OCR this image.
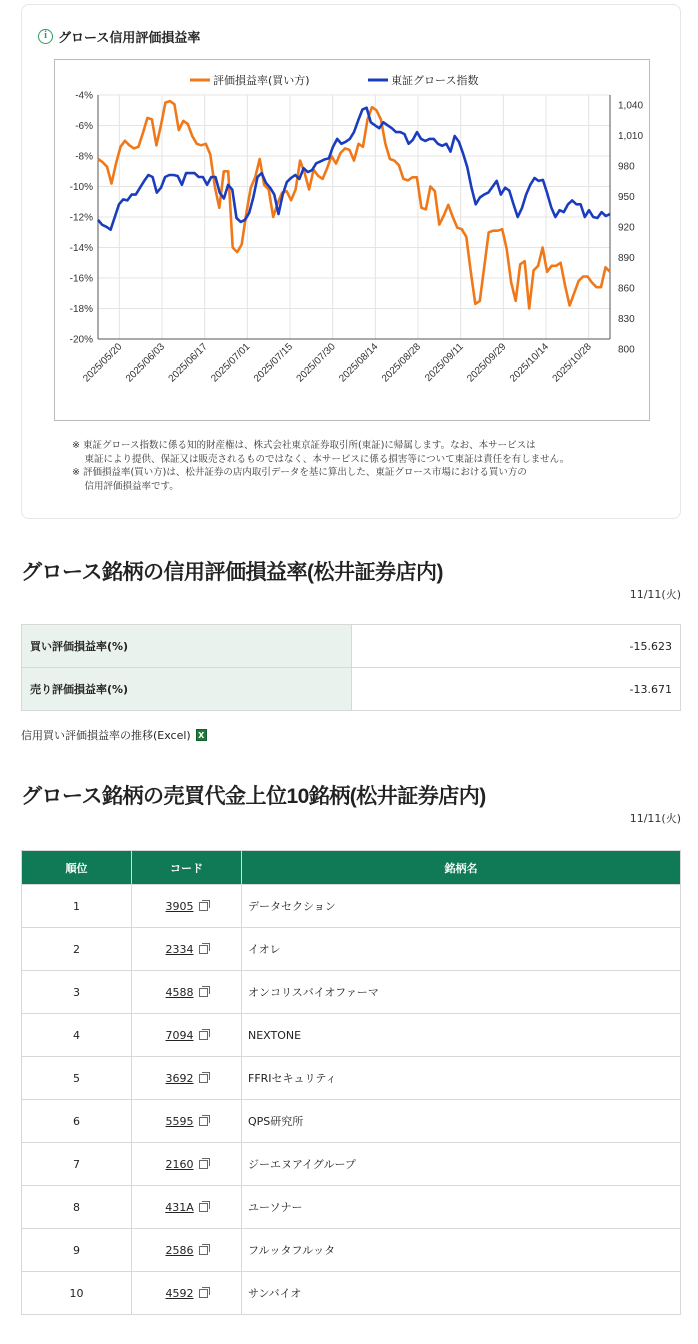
i グロース信用評価損益率
-4%
-6%
-8%
-10%
-12%
-14%
-16%
-18%
-20%
1,040
1,010
980
950
920
890
860
830
800
2025/05/20 2025/06/03 2025/06/17 2025/07/01 2025/07/15 2025/07/30 2025/08/14 2025/08/28 2025/09/11 2025/09/29 2025/10/14 2025/10/28
評価損益率(買い方)	東証グロース指数
※ 東証グロース指数に係る知的財産権は、株式会社東京証券取引所(東証)に帰属します。なお、本サービスは
　 東証により提供、保証又は販売されるものではなく、本サービスに係る損害等について東証は責任を有しません。
※ 評価損益率(買い方)は、松井証券の店内取引データを基に算出した、東証グロース市場における買い方の
　 信用評価損益率です。
グロース銘柄の信用評価損益率(松井証券店内)
11/11(火)
買い評価損益率(%)	-15.623
売り評価損益率(%)	-13.671
信用買い評価損益率の推移(Excel) X
グロース銘柄の売買代金上位10銘柄(松井証券店内)
11/11(火)
順位	コード	銘柄名
1	3905	データセクション
2	2334	イオレ
3	4588	オンコリスバイオファーマ
4	7094	NEXTONE
5	3692	FFRIセキュリティ
6	5595	QPS研究所
7	2160	ジーエヌアイグループ
8	431A	ユーソナー
9	2586	フルッタフルッタ
10	4592	サンバイオ
